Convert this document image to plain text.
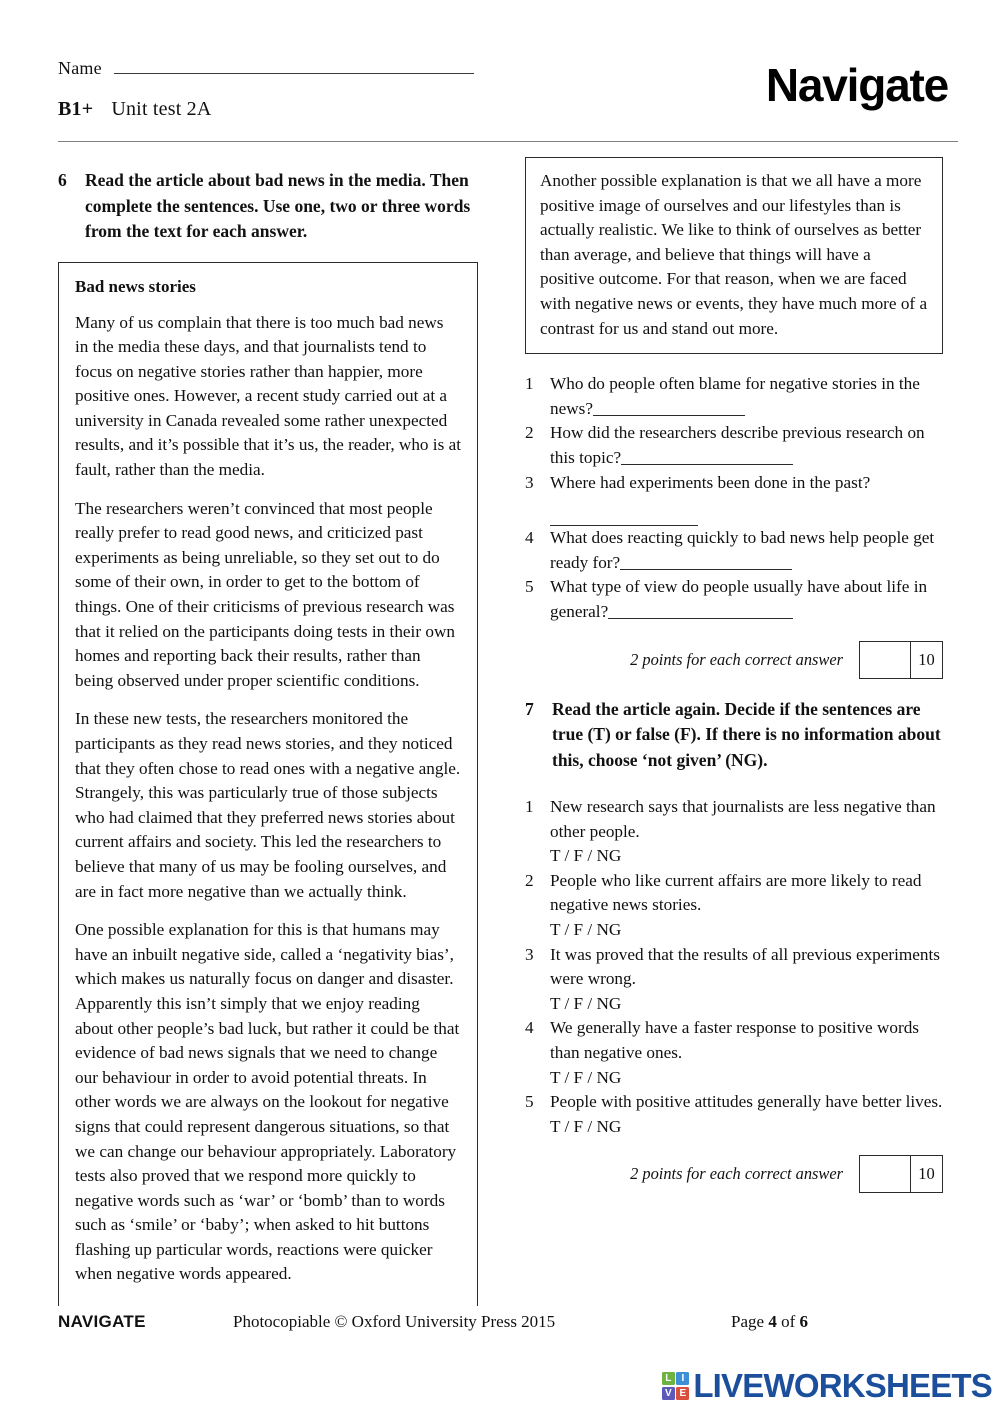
Name
B1+ Unit test 2A	Navigate
6	Read the article about bad news in the media. Then complete the sentences. Use one, two or three words from the text for each answer.
Bad news stories

Many of us complain that there is too much bad news in the media these days, and that journalists tend to focus on negative stories rather than happier, more positive ones. However, a recent study carried out at a university in Canada revealed some rather unexpected results, and it’s possible that it’s us, the reader, who is at fault, rather than the media.

The researchers weren’t convinced that most people really prefer to read good news, and criticized past experiments as being unreliable, so they set out to do some of their own, in order to get to the bottom of things. One of their criticisms of previous research was that it relied on the participants doing tests in their own homes and reporting back their results, rather than being observed under proper scientific conditions.

In these new tests, the researchers monitored the participants as they read news stories, and they noticed that they often chose to read ones with a negative angle. Strangely, this was particularly true of those subjects who had claimed that they preferred news stories about current affairs and society. This led the researchers to believe that many of us may be fooling ourselves, and are in fact more negative than we actually think.

One possible explanation for this is that humans may have an inbuilt negative side, called a ‘negativity bias’, which makes us naturally focus on danger and disaster. Apparently this isn’t simply that we enjoy reading about other people’s bad luck, but rather it could be that evidence of bad news signals that we need to change our behaviour in order to avoid potential threats. In other words we are always on the lookout for negative signs that could represent dangerous situations, so that we can change our behaviour appropriately. Laboratory tests also proved that we respond more quickly to negative words such as ‘war’ or ‘bomb’ than to words such as ‘smile’ or ‘baby’; when asked to hit buttons flashing up particular words, reactions were quicker when negative words appeared.

Another possible explanation is that we all have a more positive image of ourselves and our lifestyles than is actually realistic. We like to think of ourselves as better than average, and believe that things will have a positive outcome. For that reason, when we are faced with negative news or events, they have much more of a contrast for us and stand out more.

1 Who do people often blame for negative stories in the news?
2 How did the researchers describe previous research on this topic?
3 Where had experiments been done in the past?
4 What does reacting quickly to bad news help people get ready for?
5 What type of view do people usually have about life in general?
2 points for each correct answer	10
7	Read the article again. Decide if the sentences are true (T) or false (F). If there is no information about this, choose ‘not given’ (NG).
1 New research says that journalists are less negative than other people.
T / F / NG
2 People who like current affairs are more likely to read negative news stories.
T / F / NG
3 It was proved that the results of all previous experiments were wrong.
T / F / NG
4 We generally have a faster response to positive words than negative ones.
T / F / NG
5 People with positive attitudes generally have better lives.
T / F / NG
2 points for each correct answer	10
NAVIGATE	Photocopiable © Oxford University Press 2015	Page 4 of 6
L	I
V E LIVEWORKSHEETS
